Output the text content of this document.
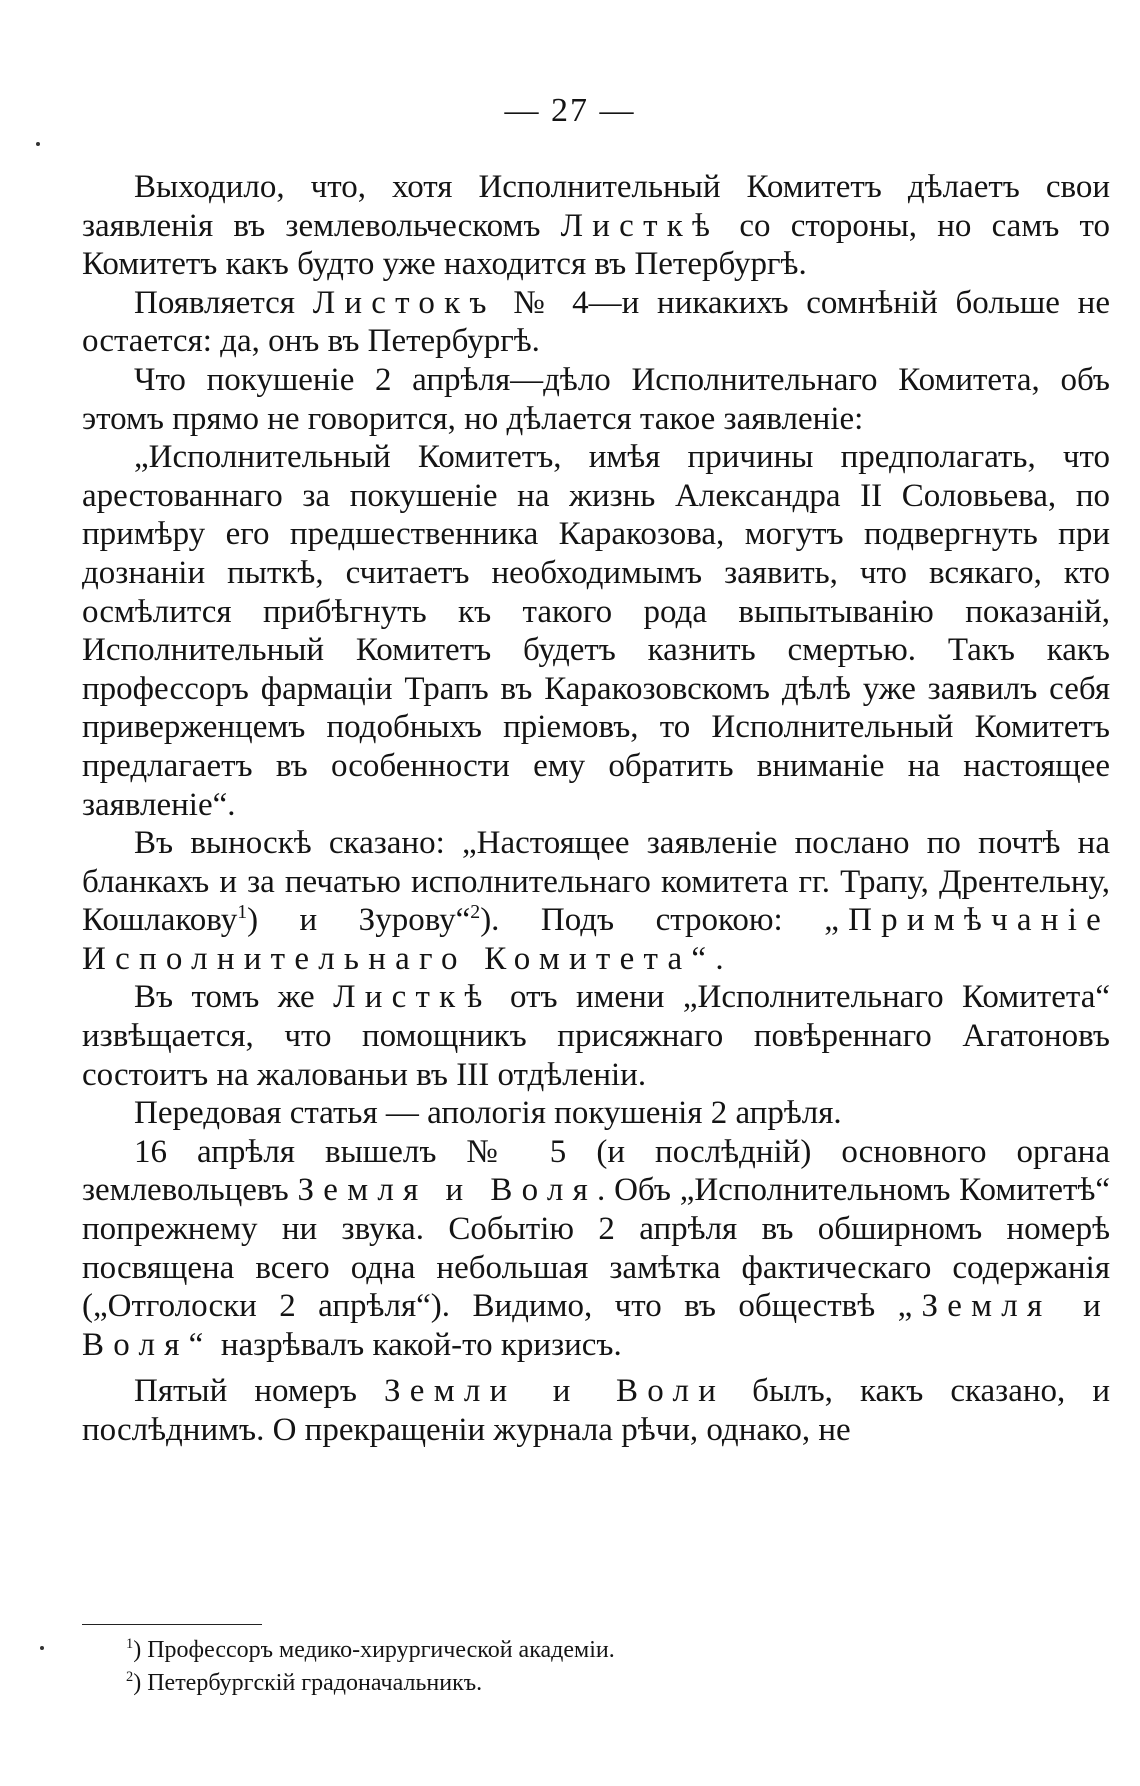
— 27 —

Выходило, что, хотя Исполнительный Комитетъ дѣлаетъ свои заявленія въ землевольческомъ Листкѣ со стороны, но самъ то Комитетъ какъ будто уже находится въ Петербургѣ.

Появляется Листокъ № 4—и никакихъ сомнѣній больше не остается: да, онъ въ Петербургѣ.

Что покушеніе 2 апрѣля—дѣло Исполнительнаго Комитета, объ этомъ прямо не говорится, но дѣлается такое заявленіе:

„Исполнительный Комитетъ, имѣя причины предполагать, что арестованнаго за покушеніе на жизнь Александра II Соловьева, по примѣру его предшественника Каракозова, могутъ подвергнуть при дознаніи пыткѣ, считаетъ необходимымъ заявить, что всякаго, кто осмѣлится прибѣгнуть къ такого рода выпытыванію показаній, Исполнительный Комитетъ будетъ казнить смертью. Такъ какъ профессоръ фармаціи Трапъ въ Каракозовскомъ дѣлѣ уже заявилъ себя приверженцемъ подобныхъ пріемовъ, то Исполнительный Комитетъ предлагаетъ въ особенности ему обратить вниманіе на настоящее заявленіе“.

Въ выноскѣ сказано: „Настоящее заявленіе послано по почтѣ на бланкахъ и за печатью исполнительнаго комитета гг. Трапу, Дрентельну, Кошлакову$^1$) и Зурову“$^2$). Подъ строкою: „Примѣчаніе Исполнительнаго Комитета“.

Въ томъ же Листкѣ отъ имени „Исполнительнаго Комитета“ извѣщается, что помощникъ присяжнаго повѣреннаго Агатоновъ состоитъ на жалованьи въ III отдѣленіи.

Передовая статья — апологія покушенія 2 апрѣля.

16 апрѣля вышелъ № 5 (и послѣдній) основного органа землевольцевъ Земля и Воля. Объ „Исполнительномъ Комитетѣ“ попрежнему ни звука. Событію 2 апрѣля въ обширномъ номерѣ посвящена всего одна небольшая замѣтка фактическаго содержанія („Отголоски 2 апрѣля“). Видимо, что въ обществѣ „Земля и Воля“ назрѣвалъ какой-то кризисъ.

Пятый номеръ Земли и Воли былъ, какъ сказано, и послѣднимъ. О прекращеніи журнала рѣчи, однако, не

$^1$) Профессоръ медико-хирургической академіи.

$^2$) Петербургскій градоначальникъ.
